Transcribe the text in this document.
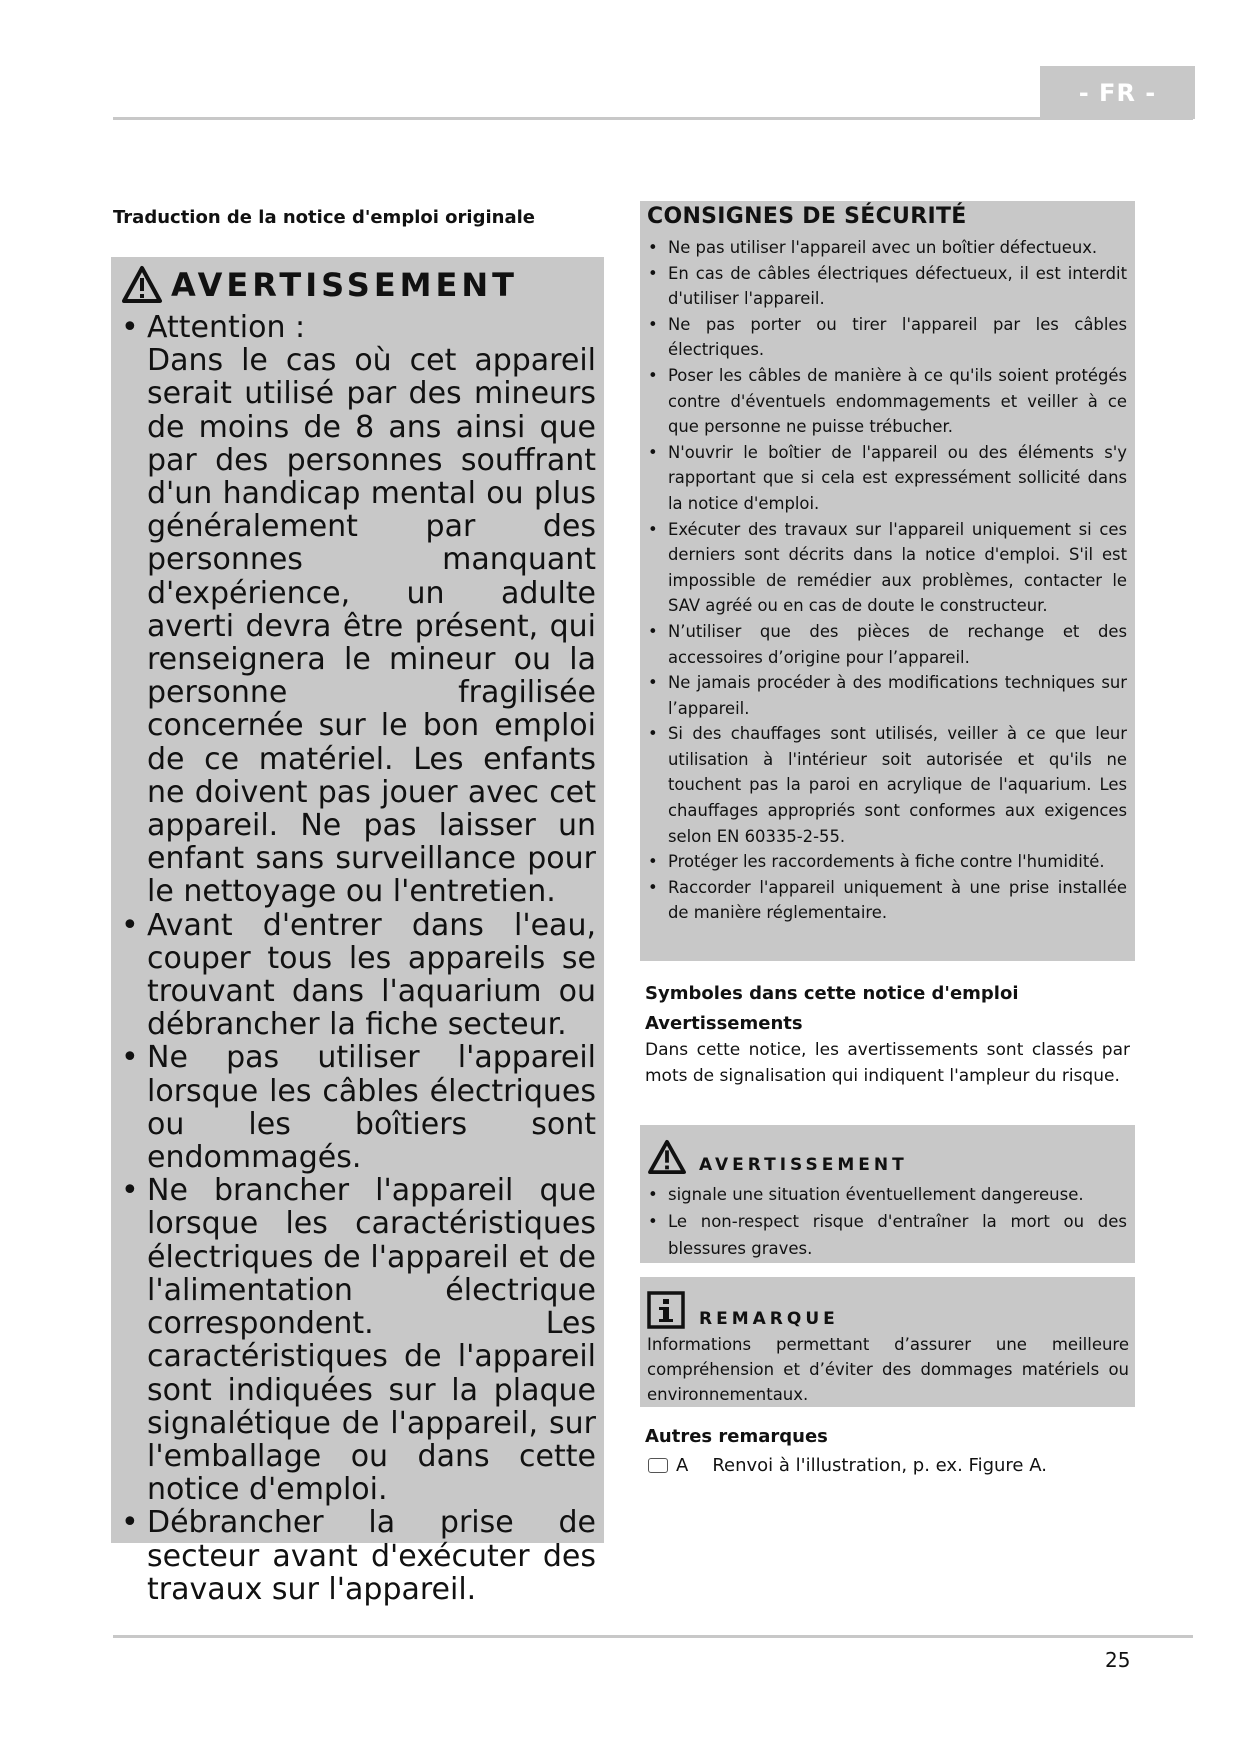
- FR -
Traduction de la notice d'emploi originale
AVERTISSEMENT
• Attention :
Dans le cas où cet appareil serait utilisé par des mineurs de moins de 8 ans ainsi que par des personnes souffrant d'un handicap mental ou plus généralement par des personnes manquant d'expérience, un adulte averti devra être présent, qui renseignera le mineur ou la personne fragilisée concernée sur le bon emploi de ce matériel. Les enfants ne doivent pas jouer avec cet appareil. Ne pas laisser un enfant sans surveillance pour le nettoyage ou l'entretien.
• Avant d'entrer dans l'eau, couper tous les appareils se trouvant dans l'aquarium ou débrancher la fiche secteur.
• Ne pas utiliser l'appareil lorsque les câbles électriques ou les boîtiers sont endommagés.
• Ne brancher l'appareil que lorsque les caractéristiques électriques de l'appareil et de l'alimentation électrique correspondent. Les caractéristiques de l'appareil sont indiquées sur la plaque signalétique de l'appareil, sur l'emballage ou dans cette notice d'emploi.
• Débrancher la prise de secteur avant d'exécuter des travaux sur l'appareil.
CONSIGNES DE SÉCURITÉ
• Ne pas utiliser l'appareil avec un boîtier défectueux.
• En cas de câbles électriques défectueux, il est interdit d'utiliser l'appareil.
• Ne pas porter ou tirer l'appareil par les câbles électriques.
• Poser les câbles de manière à ce qu'ils soient protégés contre d'éventuels endommagements et veiller à ce que personne ne puisse trébucher.
• N'ouvrir le boîtier de l'appareil ou des éléments s'y rapportant que si cela est expressément sollicité dans la notice d'emploi.
• Exécuter des travaux sur l'appareil uniquement si ces derniers sont décrits dans la notice d'emploi. S'il est impossible de remédier aux problèmes, contacter le SAV agréé ou en cas de doute le constructeur.
• N’utiliser que des pièces de rechange et des accessoires d’origine pour l’appareil.
• Ne jamais procéder à des modifications techniques sur l’appareil.
• Si des chauffages sont utilisés, veiller à ce que leur utilisation à l'intérieur soit autorisée et qu'ils ne touchent pas la paroi en acrylique de l'aquarium. Les chauffages appropriés sont conformes aux exigences selon EN 60335-2-55.
• Protéger les raccordements à fiche contre l'humidité.
• Raccorder l'appareil uniquement à une prise installée de manière réglementaire.
Symboles dans cette notice d'emploi
Avertissements
Dans cette notice, les avertissements sont classés par mots de signalisation qui indiquent l'ampleur du risque.
AVERTISSEMENT
• signale une situation éventuellement dangereuse.
• Le non-respect risque d'entraîner la mort ou des blessures graves.
REMARQUE

Informations permettant d’assurer une meilleure compréhension et d’éviter des dommages matériels ou environnementaux.

Autres remarques
A Renvoi à l'illustration, p. ex. Figure A.
25
